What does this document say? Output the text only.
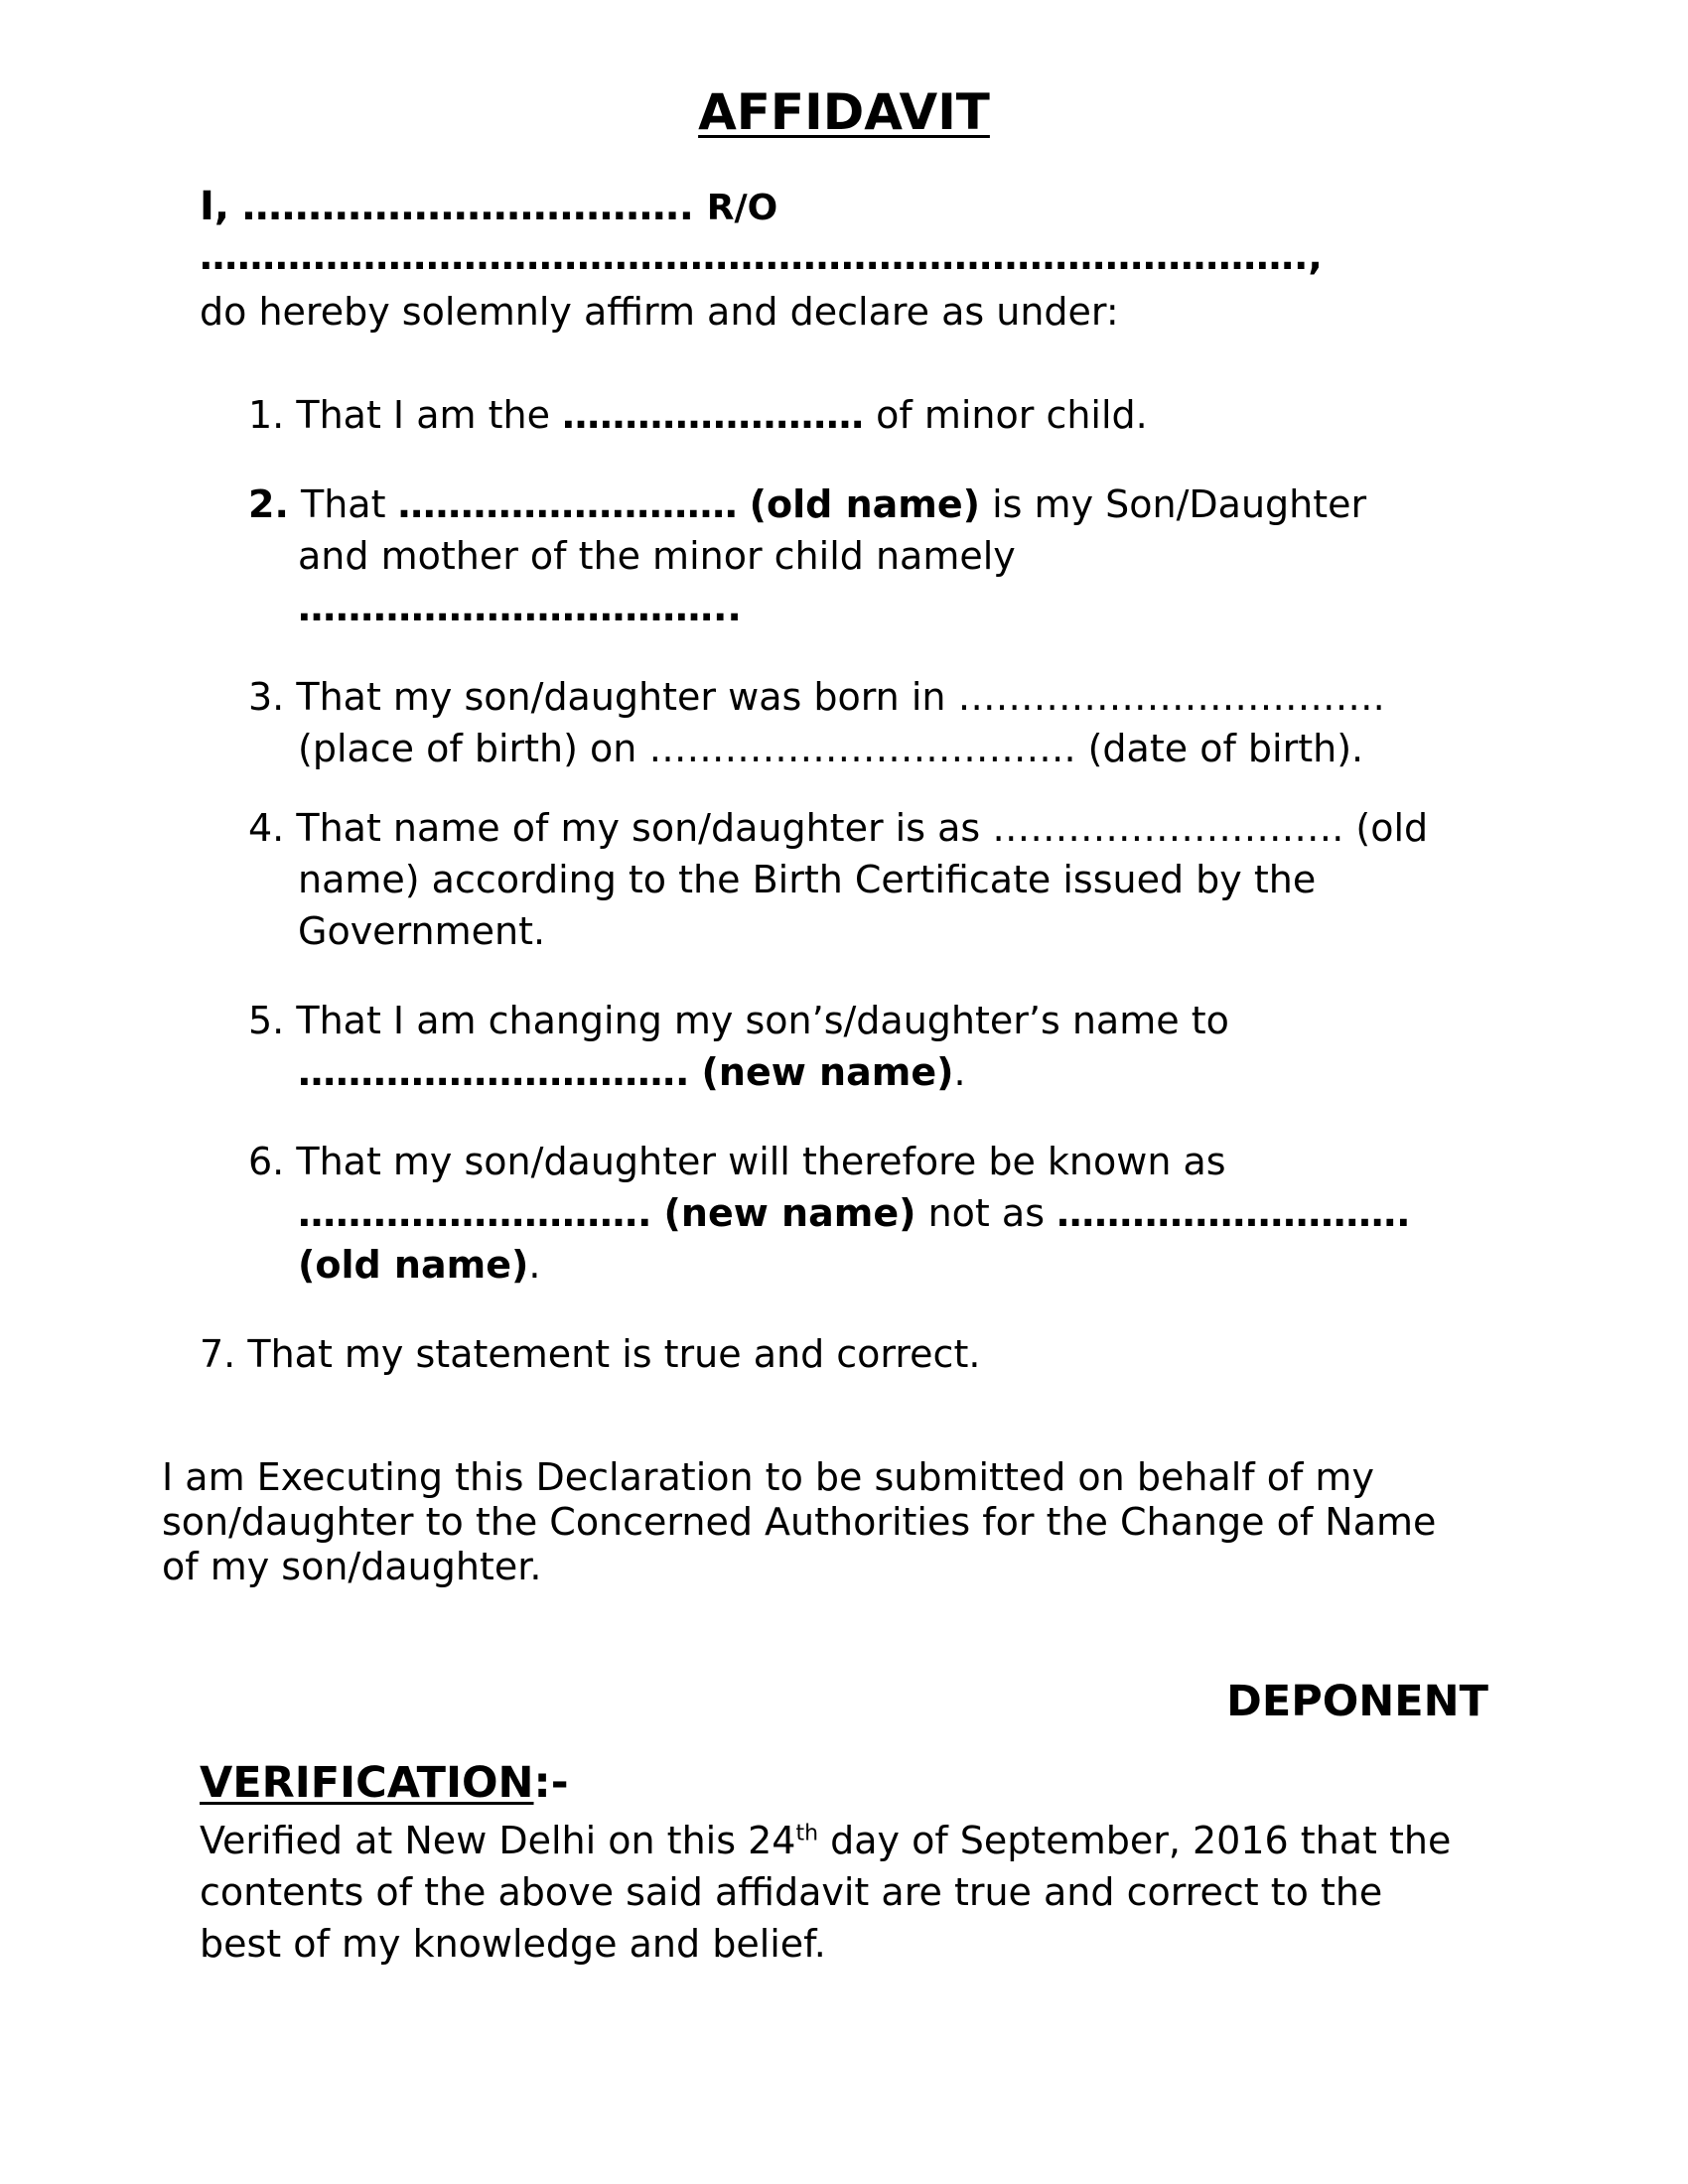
AFFIDAVIT
I, ……………………………. R/O
…………………………………………………………………………….,
do hereby solemnly affirm and declare as under:
1. That I am the …………………… of minor child.
2. That ……………………… (old name) is my Son/Daughter
and mother of the minor child namely
……………………………..
3. That my son/daughter was born in …………………………….
(place of birth) on ……………………………. (date of birth).
4. That name of my son/daughter is as ………………………. (old
name) according to the Birth Certificate issued by the
Government.
5. That I am changing my son’s/daughter’s name to
…………………………. (new name).
6. That my son/daughter will therefore be known as
………………………. (new name) not as ……………………….
(old name).
7. That my statement is true and correct.
I am Executing this Declaration to be submitted on behalf of my
son/daughter to the Concerned Authorities for the Change of Name
of my son/daughter.
DEPONENT
VERIFICATION:-
Verified at New Delhi on this 24th day of September, 2016 that the
contents of the above said affidavit are true and correct to the
best of my knowledge and belief.
